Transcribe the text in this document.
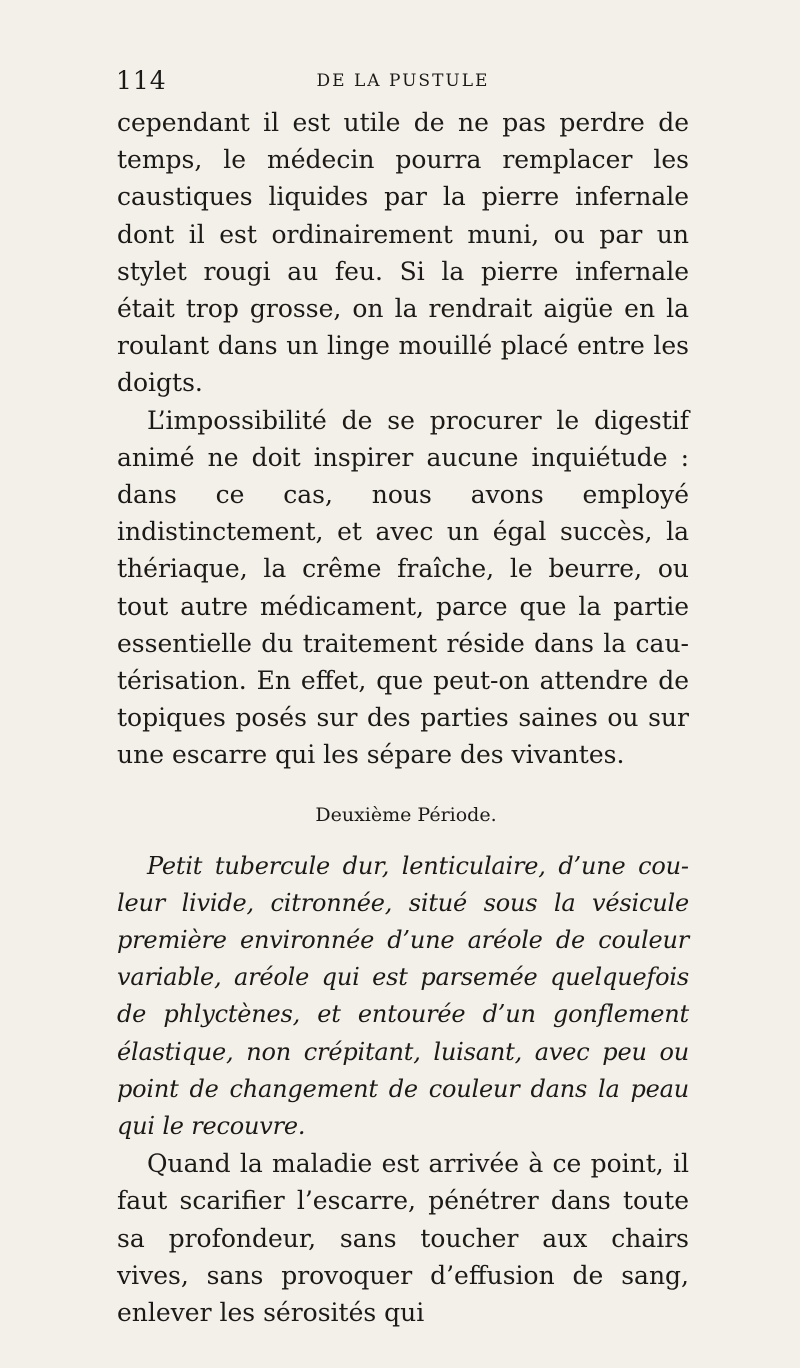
114	DE LA PUSTULE

cependant il est utile de ne pas perdre de temps, le médecin pourra remplacer les caustiques liquides par la pierre infernale dont il est ordinairement muni, ou par un stylet rougi au feu. Si la pierre infernale était trop grosse, on la rendrait aigüe en la roulant dans un linge mouillé placé entre les doigts.

L’impossibilité de se procurer le digestif animé ne doit inspirer aucune inquiétude : dans ce cas, nous avons employé indistinctement, et avec un égal succès, la thériaque, la crême fraîche, le beurre, ou tout autre médicament, parce que la partie essentielle du traitement réside dans la cautérisation. En effet, que peut-on attendre de topiques posés sur des parties saines ou sur une escarre qui les sépare des vivantes.

Deuxième Période.

Petit tubercule dur, lenticulaire, d’une couleur livide, citronnée, situé sous la vésicule première environnée d’une aréole de couleur variable, aréole qui est parsemée quelquefois de phlyctènes, et entourée d’un gonflement élastique, non crépitant, luisant, avec peu ou point de changement de couleur dans la peau qui le recouvre.

Quand la maladie est arrivée à ce point, il faut scarifier l’escarre, pénétrer dans toute sa profondeur, sans toucher aux chairs vives, sans provoquer d’effusion de sang, enlever les sérosités qui
